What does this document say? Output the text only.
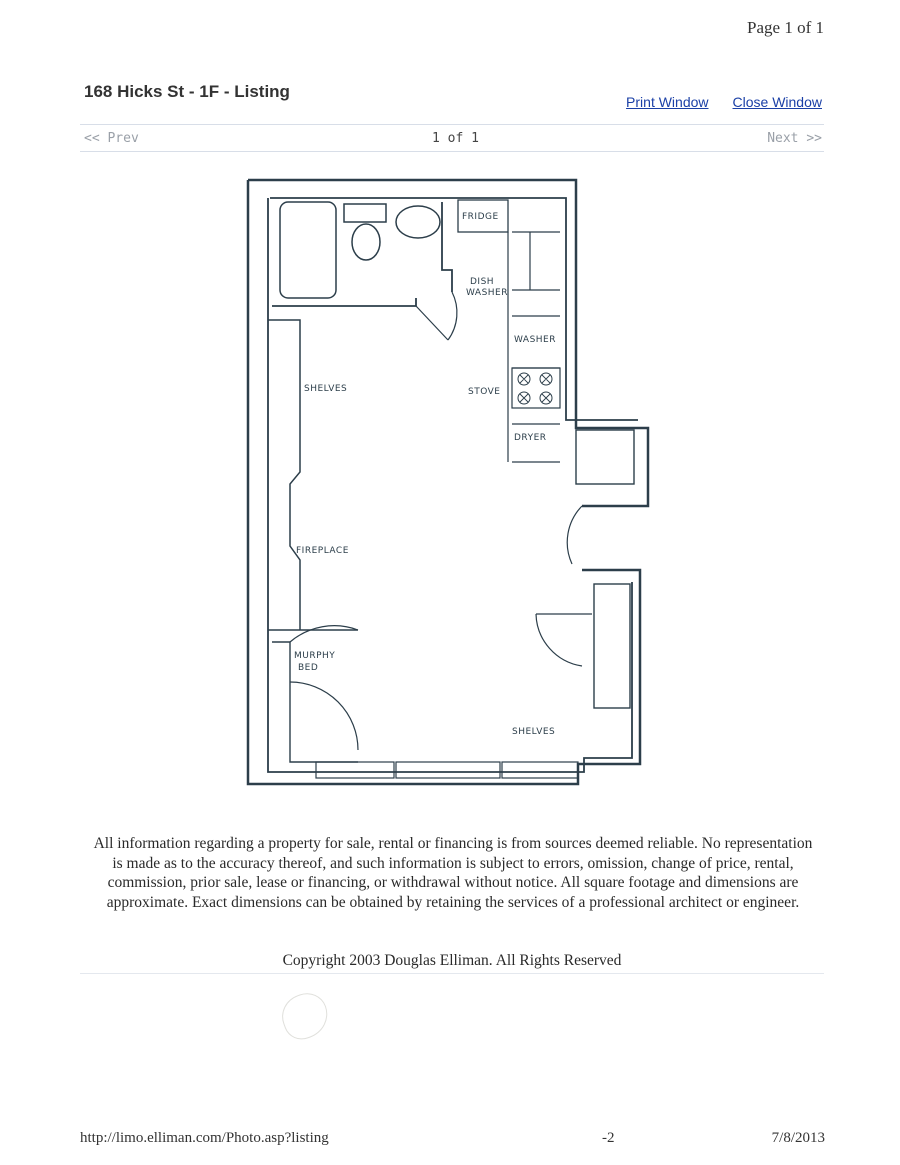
Page 1 of 1
168 Hicks St - 1F - Listing
Print Window Close Window
<< Prev	1 of 1	Next >>
FRIDGE
DISH
WASHER
WASHER
STOVE
DRYER
SHELVES
FIREPLACE
MURPHY
BED
SHELVES
All information regarding a property for sale, rental or financing is from sources deemed reliable. No representation is made as to the accuracy thereof, and such information is subject to errors, omission, change of price, rental, commission, prior sale, lease or financing, or withdrawal without notice. All square footage and dimensions are approximate. Exact dimensions can be obtained by retaining the services of a professional architect or engineer.
Copyright 2003 Douglas Elliman. All Rights Reserved
http://limo.elliman.com/Photo.asp?listing	-2	7/8/2013
